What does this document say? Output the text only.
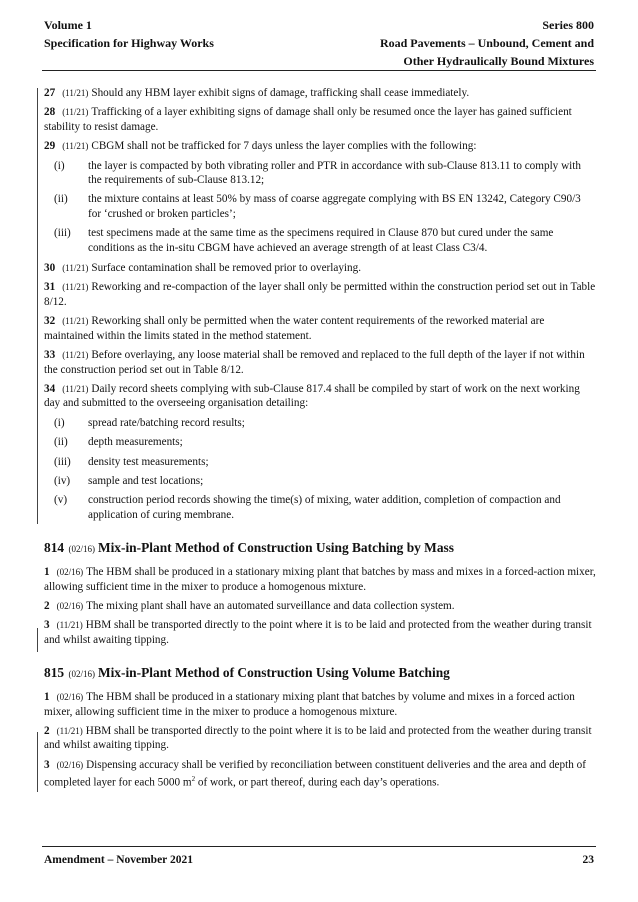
Volume 1
Specification for Highway Works
Series 800
Road Pavements – Unbound, Cement and
Other Hydraulically Bound Mixtures

27 (11/21) Should any HBM layer exhibit signs of damage, trafficking shall cease immediately.

28 (11/21) Trafficking of a layer exhibiting signs of damage shall only be resumed once the layer has gained sufficient stability to resist damage.

29 (11/21) CBGM shall not be trafficked for 7 days unless the layer complies with the following:

(i)	the layer is compacted by both vibrating roller and PTR in accordance with sub-Clause 813.11 to comply with the requirements of sub-Clause 813.12;
(ii)	the mixture contains at least 50% by mass of coarse aggregate complying with BS EN 13242, Category C90/3 for ‘crushed or broken particles’;
(iii)	test specimens made at the same time as the specimens required in Clause 870 but cured under the same conditions as the in-situ CBGM have achieved an average strength of at least Class C3/4.

30 (11/21) Surface contamination shall be removed prior to overlaying.

31 (11/21) Reworking and re-compaction of the layer shall only be permitted within the construction period set out in Table 8/12.

32 (11/21) Reworking shall only be permitted when the water content requirements of the reworked material are maintained within the limits stated in the method statement.

33 (11/21) Before overlaying, any loose material shall be removed and replaced to the full depth of the layer if not within the construction period set out in Table 8/12.

34 (11/21) Daily record sheets complying with sub-Clause 817.4 shall be compiled by start of work on the next working day and submitted to the overseeing organisation detailing:

(i)	spread rate/batching record results;
(ii)	depth measurements;
(iii)	density test measurements;
(iv)	sample and test locations;
(v)	construction period records showing the time(s) of mixing, water addition, completion of compaction and application of curing membrane.
814 (02/16) Mix-in-Plant Method of Construction Using Batching by Mass

1 (02/16) The HBM shall be produced in a stationary mixing plant that batches by mass and mixes in a forced-action mixer, allowing sufficient time in the mixer to produce a homogenous mixture.

2 (02/16) The mixing plant shall have an automated surveillance and data collection system.

3 (11/21) HBM shall be transported directly to the point where it is to be laid and protected from the weather during transit and whilst awaiting tipping.

815 (02/16) Mix-in-Plant Method of Construction Using Volume Batching

1 (02/16) The HBM shall be produced in a stationary mixing plant that batches by volume and mixes in a forced action mixer, allowing sufficient time in the mixer to produce a homogenous mixture.

2 (11/21) HBM shall be transported directly to the point where it is to be laid and protected from the weather during transit and whilst awaiting tipping.

3 (02/16) Dispensing accuracy shall be verified by reconciliation between constituent deliveries and the area and depth of completed layer for each 5000 $m^2$ of work, or part thereof, during each day’s operations.

Amendment – November 2021	23
